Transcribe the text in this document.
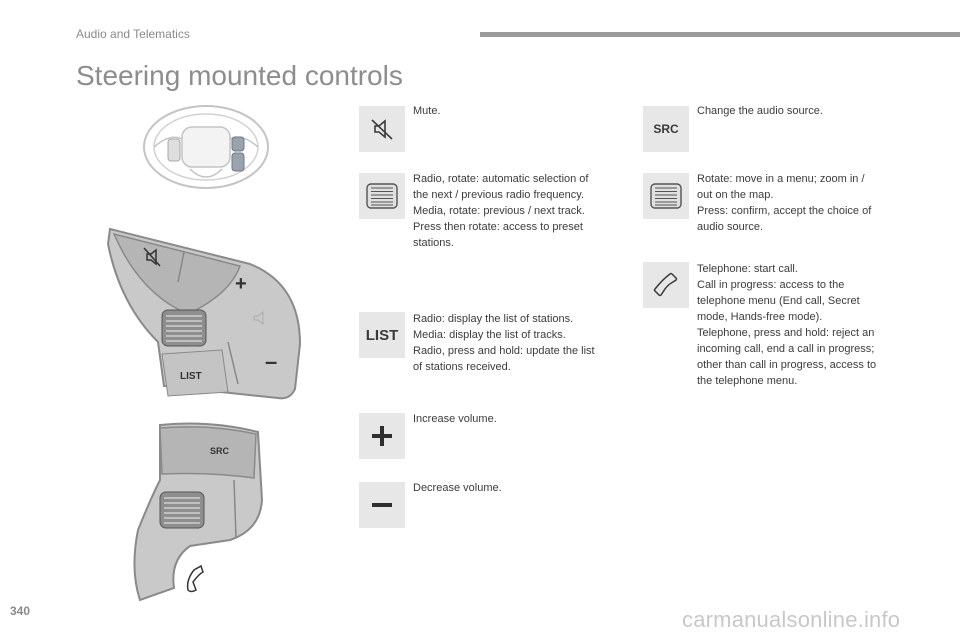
Audio and Telematics
Steering mounted controls
+
–
LIST
SRC

Mute.

Radio, rotate: automatic selection of

the next / previous radio frequency.

Media, rotate: previous / next track.

Press then rotate: access to preset

stations.

LIST

Radio: display the list of stations.

Media: display the list of tracks.

Radio, press and hold: update the list

of stations received.

Increase volume.

Decrease volume.

SRC

Change the audio source.

Rotate: move in a menu; zoom in /

out on the map.

Press: confirm, accept the choice of

audio source.

Telephone: start call.

Call in progress: access to the

telephone menu (End call, Secret

mode, Hands-free mode).

Telephone, press and hold: reject an

incoming call, end a call in progress;

other than call in progress, access to

the telephone menu.

340	carmanualsonline.info
